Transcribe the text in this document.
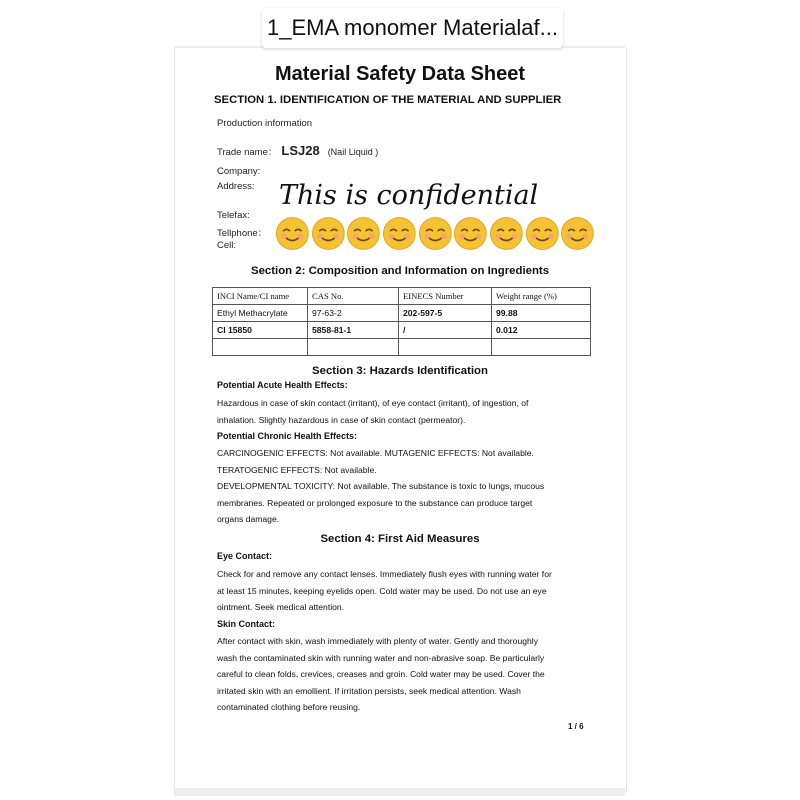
1_EMA monomer Materialaf...
Material Safety Data Sheet
SECTION 1. IDENTIFICATION OF THE MATERIAL AND SUPPLIER
Production information
Trade name： LSJ28 (Nail Liquid )
Company:
Address:
Telefax:
Tellphone：
Cell:
This is confidential
Section 2: Composition and Information on Ingredients
INCI Name/CI name	CAS No.	EINECS Number	Weight range (%)
Ethyl Methacrylate	97-63-2	202-597-5	99.88
CI 15850	5858-81-1	/	0.012

Section 3: Hazards Identification
Potential Acute Health Effects:
Hazardous in case of skin contact (irritant), of eye contact (irritant), of ingestion, of
inhalation. Slightly hazardous in case of skin contact (permeator).
Potential Chronic Health Effects:
CARCINOGENIC EFFECTS: Not available. MUTAGENIC EFFECTS: Not available.
TERATOGENIC EFFECTS: Not available.
DEVELOPMENTAL TOXICITY: Not available. The substance is toxic to lungs, mucous
membranes. Repeated or prolonged exposure to the substance can produce target
organs damage.
Section 4: First Aid Measures
Eye Contact:
Check for and remove any contact lenses. Immediately flush eyes with running water for
at least 15 minutes, keeping eyelids open. Cold water may be used. Do not use an eye
ointment. Seek medical attention.
Skin Contact:
After contact with skin, wash immediately with plenty of water. Gently and thoroughly
wash the contaminated skin with running water and non-abrasive soap. Be particularly
careful to clean folds, crevices, creases and groin. Cold water may be used. Cover the
irritated skin with an emollient. If irritation persists, seek medical attention. Wash
contaminated clothing before reusing.
1 / 6
